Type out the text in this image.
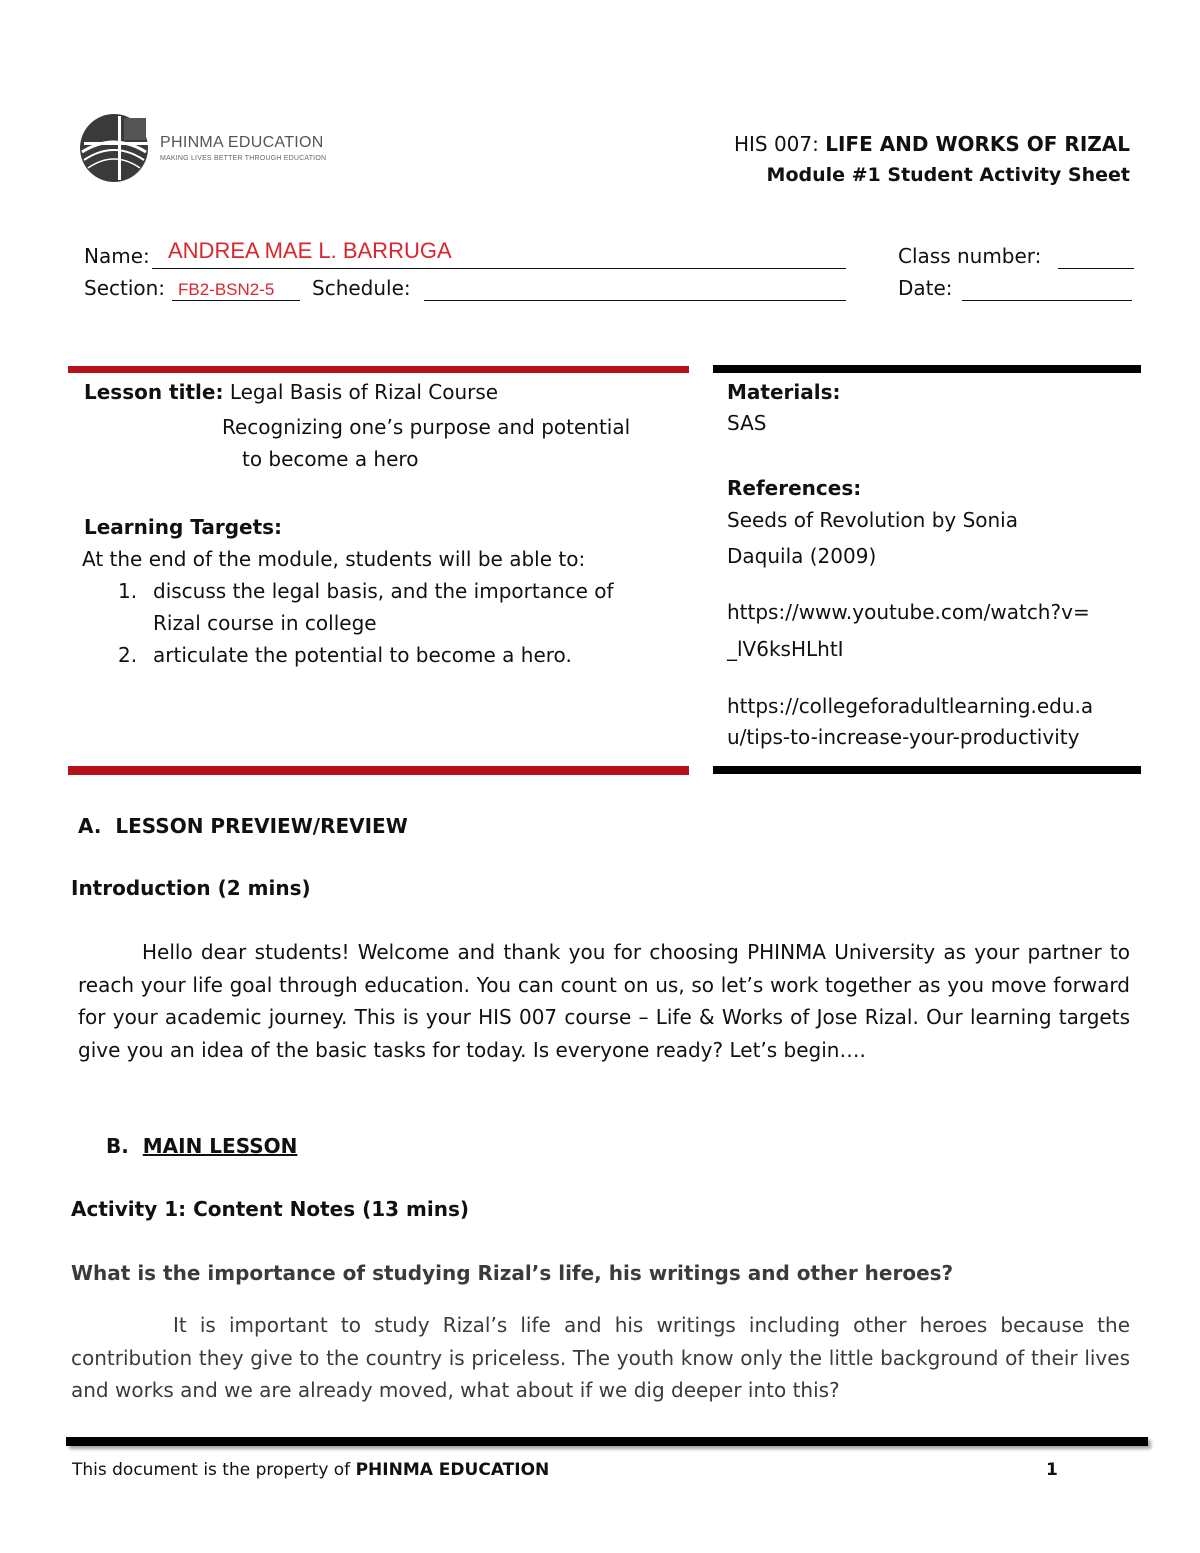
PHINMA EDUCATION
MAKING LIVES BETTER THROUGH EDUCATION
HIS 007: LIFE AND WORKS OF RIZAL
Module #1 Student Activity Sheet
Name: ANDREA MAE L. BARRUGA
Section: FB2-BSN2-5 Schedule:
Class number:
Date:
Lesson title: Legal Basis of Rizal Course
Recognizing one’s purpose and potential
to become a hero
Learning Targets:
At the end of the module, students will be able to:
1. discuss the legal basis, and the importance of
Rizal course in college
2. articulate the potential to become a hero.
Materials:
SAS
References:
Seeds of Revolution by Sonia
Daquila (2009)
https://www.youtube.com/watch?v=
_lV6ksHLhtI
https://collegeforadultlearning.edu.a
u/tips-to-increase-your-productivity
A. LESSON PREVIEW/REVIEW
Introduction (2 mins)
Hello dear students! Welcome and thank you for choosing PHINMA University as your partner to reach your life goal through education. You can count on us, so let’s work together as you move forward for your academic journey. This is your HIS 007 course – Life & Works of Jose Rizal. Our learning targets give you an idea of the basic tasks for today. Is everyone ready? Let’s begin….
B. MAIN LESSON
Activity 1: Content Notes (13 mins)
What is the importance of studying Rizal’s life, his writings and other heroes?
It is important to study Rizal’s life and his writings including other heroes because the contribution they give to the country is priceless. The youth know only the little background of their lives and works and we are already moved, what about if we dig deeper into this?
This document is the property of PHINMA EDUCATION	1
